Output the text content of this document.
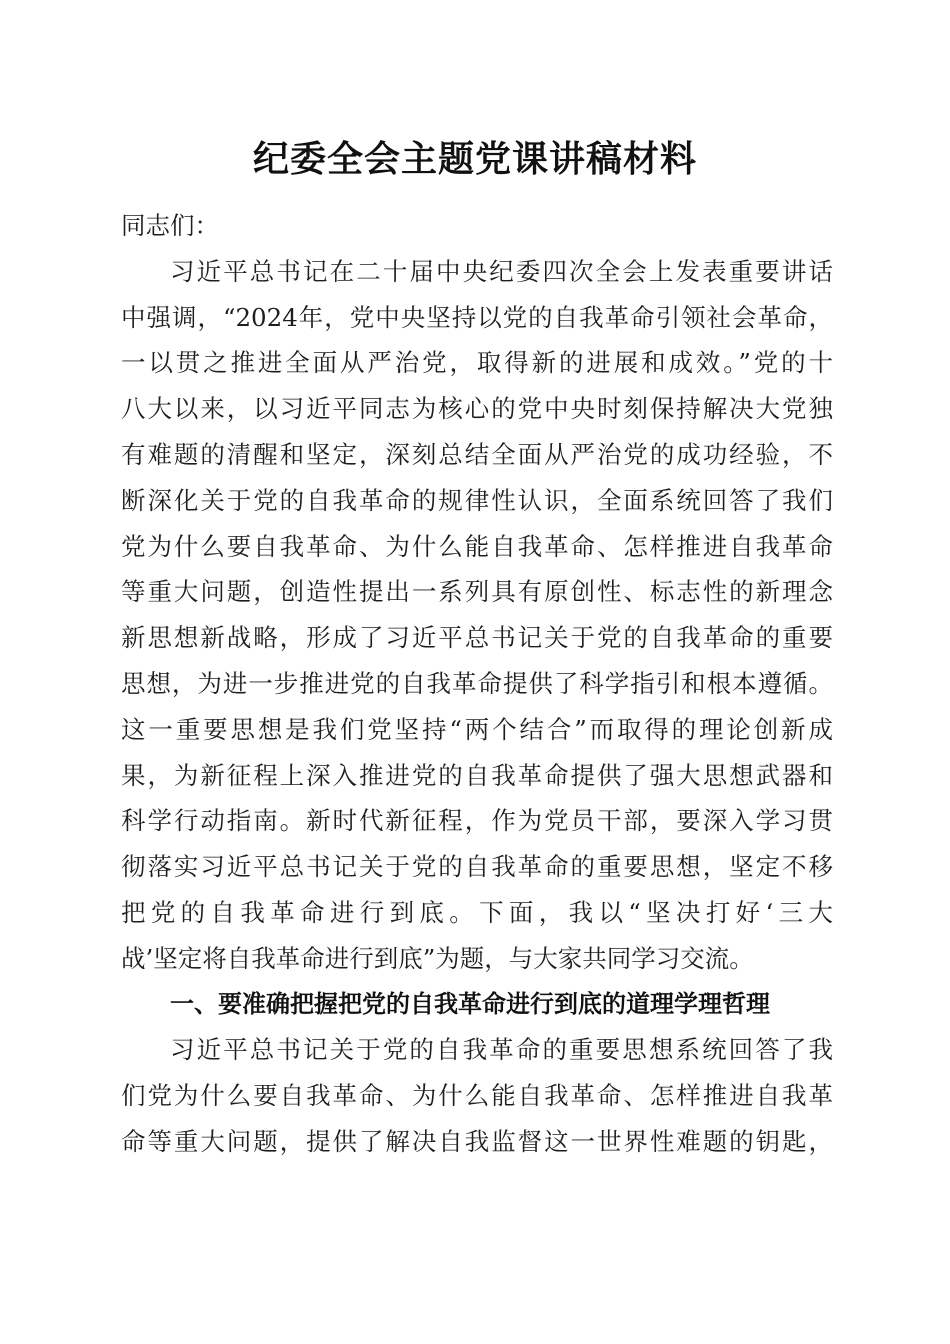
纪委全会主题党课讲稿材料
同志们：
习近平总书记在二十届中央纪委四次全会上发表重要讲话
中强调，“2024年，党中央坚持以党的自我革命引领社会革命，
一以贯之推进全面从严治党，取得新的进展和成效。”党的十
八大以来，以习近平同志为核心的党中央时刻保持解决大党独
有难题的清醒和坚定，深刻总结全面从严治党的成功经验，不
断深化关于党的自我革命的规律性认识，全面系统回答了我们
党为什么要自我革命、为什么能自我革命、怎样推进自我革命
等重大问题，创造性提出一系列具有原创性、标志性的新理念
新思想新战略，形成了习近平总书记关于党的自我革命的重要
思想，为进一步推进党的自我革命提供了科学指引和根本遵循。
这一重要思想是我们党坚持“两个结合”而取得的理论创新成
果，为新征程上深入推进党的自我革命提供了强大思想武器和
科学行动指南。新时代新征程，作为党员干部，要深入学习贯
彻落实习近平总书记关于党的自我革命的重要思想，坚定不移
把党的自我革命进行到底。下面，我以“坚决打好‘三大
战’坚定将自我革命进行到底”为题，与大家共同学习交流。
一、要准确把握把党的自我革命进行到底的道理学理哲理
习近平总书记关于党的自我革命的重要思想系统回答了我
们党为什么要自我革命、为什么能自我革命、怎样推进自我革
命等重大问题，提供了解决自我监督这一世界性难题的钥匙，
